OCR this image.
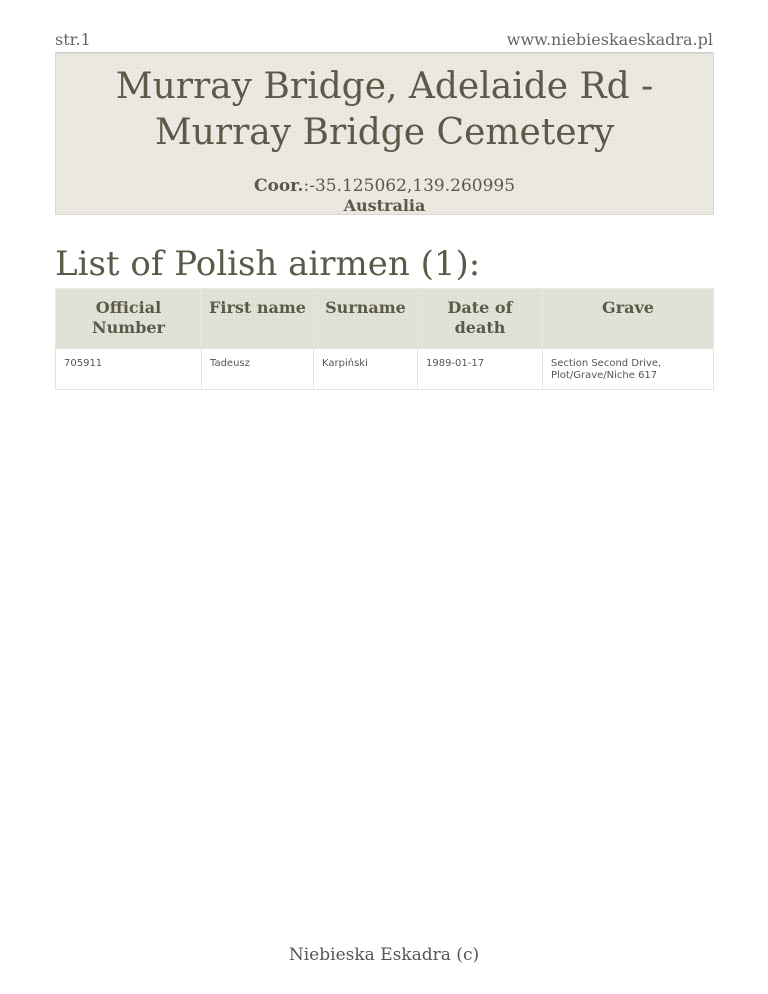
str.1	www.niebieskaeskadra.pl
Murray Bridge, Adelaide Rd - Murray Bridge Cemetery
Coor.:-35.125062,139.260995
Australia
List of Polish airmen (1):
Official Number	First name	Surname	Date of death	Grave
705911	Tadeusz	Karpiński	1989-01-17	Section Second Drive, Plot/Grave/Niche 617
Niebieska Eskadra (c)
